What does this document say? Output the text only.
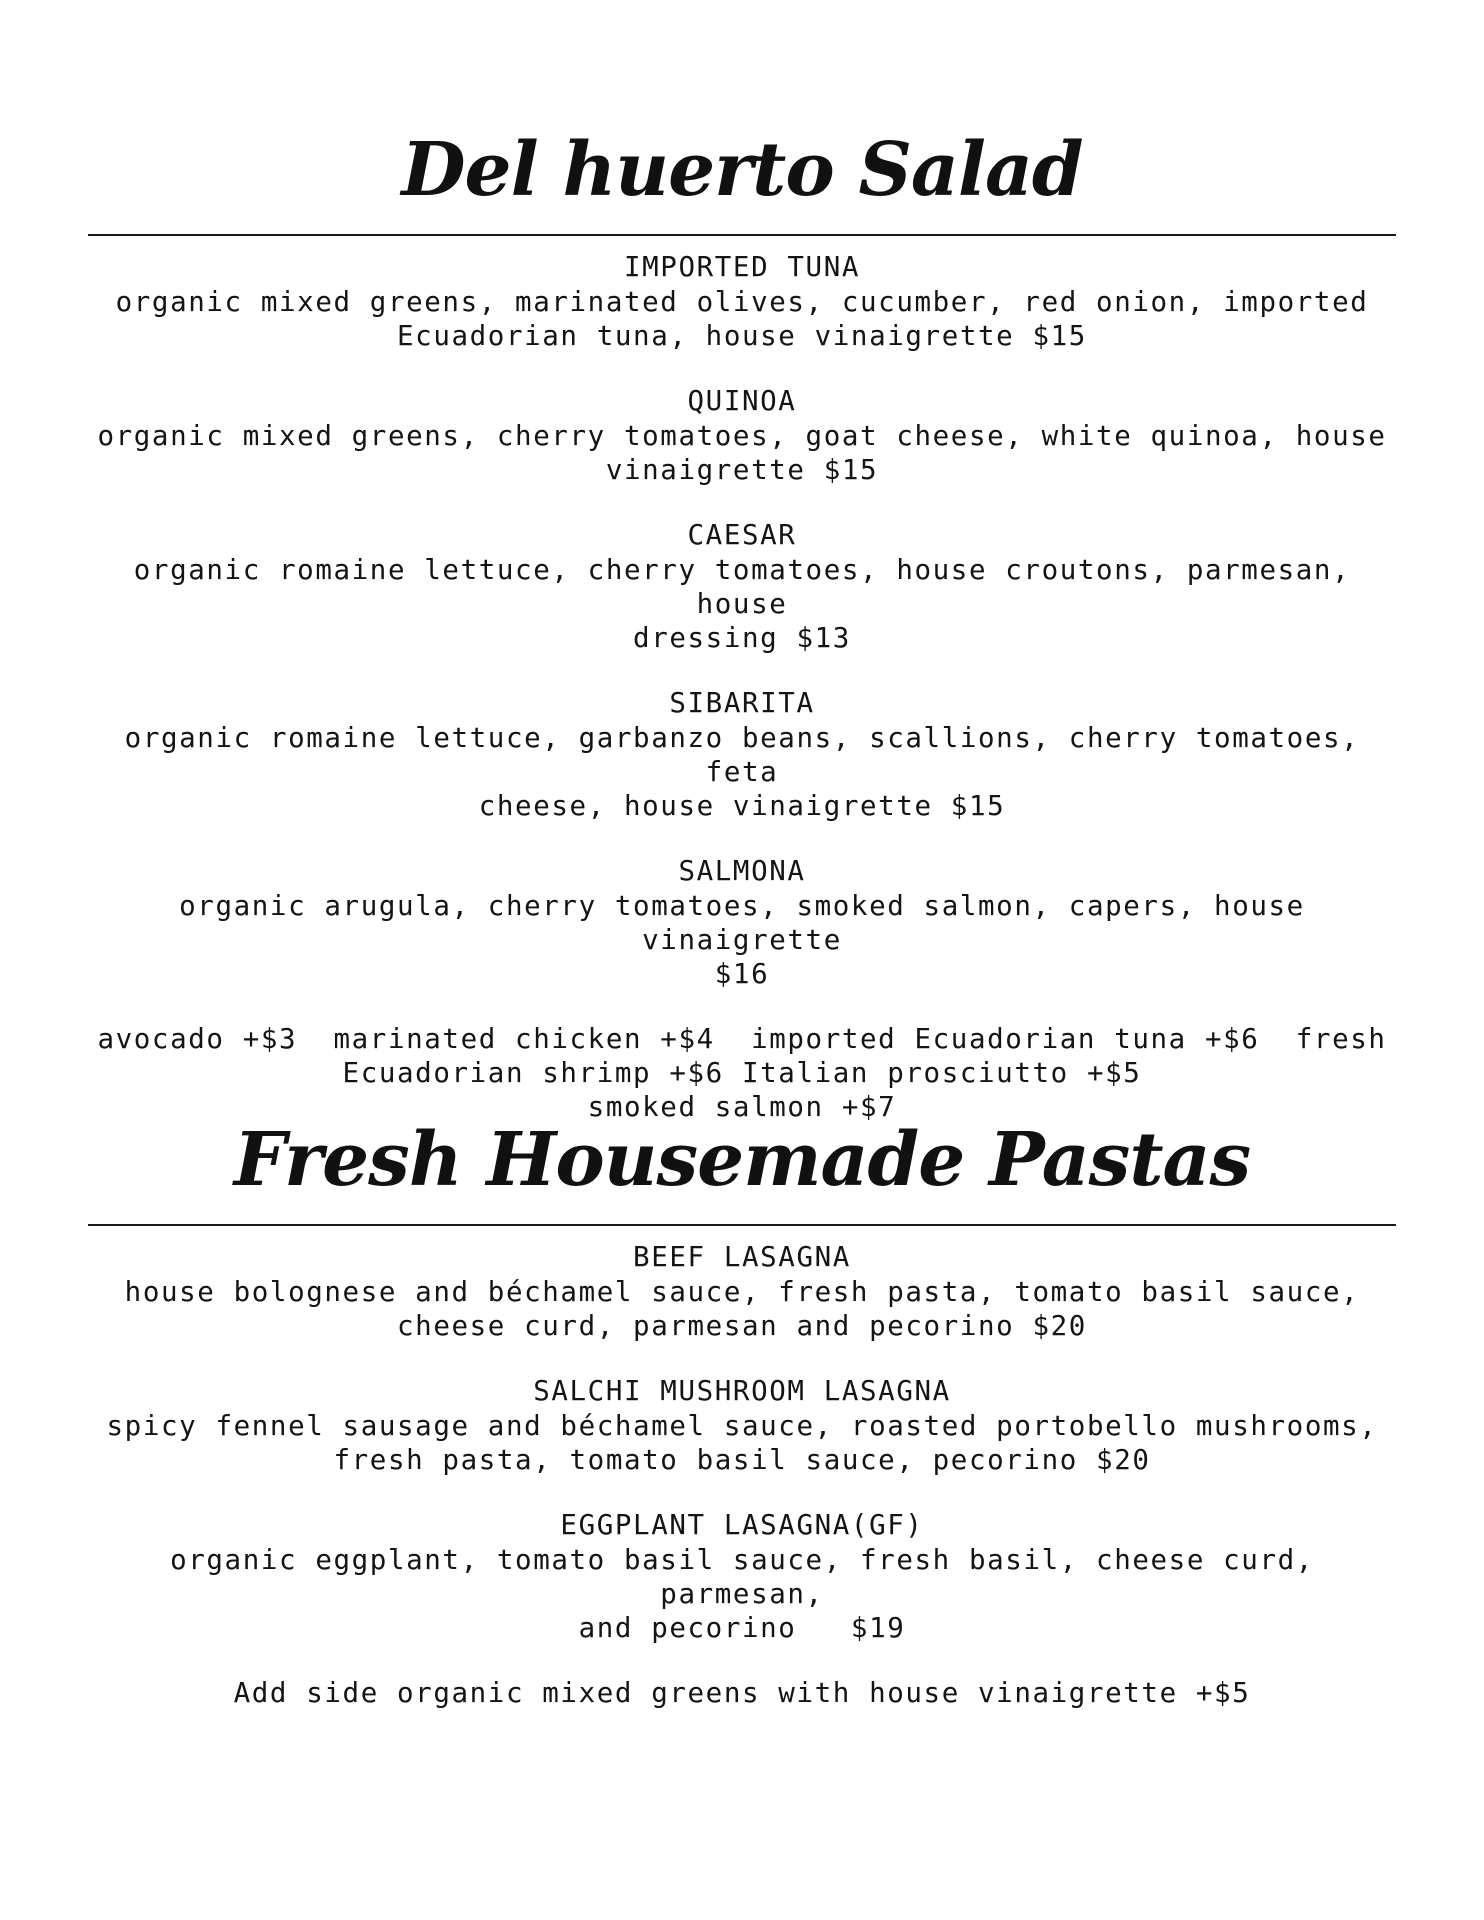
Del huerto Salad
IMPORTED TUNA
organic mixed greens, marinated olives, cucumber, red onion, imported
Ecuadorian tuna, house vinaigrette $15
QUINOA
organic mixed greens, cherry tomatoes, goat cheese, white quinoa, house
vinaigrette $15
CAESAR
organic romaine lettuce, cherry tomatoes, house croutons, parmesan, house
dressing $13
SIBARITA
organic romaine lettuce, garbanzo beans, scallions, cherry tomatoes, feta
cheese, house vinaigrette $15
SALMONA
organic arugula, cherry tomatoes, smoked salmon, capers, house vinaigrette
$16
avocado +$3  marinated chicken +$4  imported Ecuadorian tuna +$6  fresh
Ecuadorian shrimp +$6 Italian prosciutto +$5
smoked salmon +$7
Fresh Housemade Pastas
BEEF LASAGNA
house bolognese and béchamel sauce, fresh pasta, tomato basil sauce,
cheese curd, parmesan and pecorino $20
SALCHI MUSHROOM LASAGNA
spicy fennel sausage and béchamel sauce, roasted portobello mushrooms,
fresh pasta, tomato basil sauce, pecorino $20
EGGPLANT LASAGNA(GF)
organic eggplant, tomato basil sauce, fresh basil, cheese curd, parmesan,
and pecorino   $19
Add side organic mixed greens with house vinaigrette +$5
